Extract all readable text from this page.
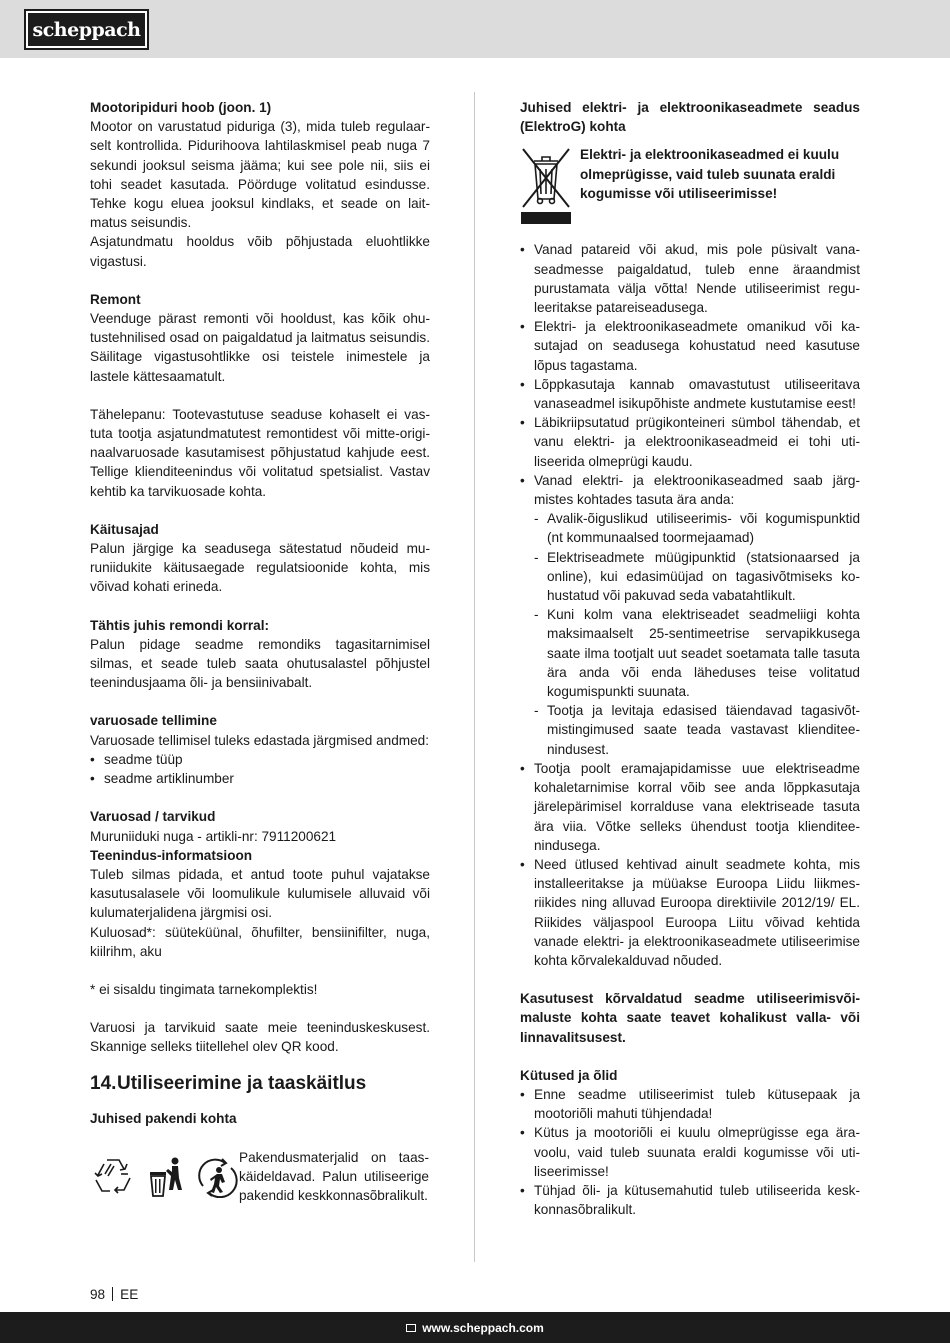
scheppach

Mootoripiduri hoob (joon. 1)

Mootor on varustatud piduriga (3), mida tuleb regulaarselt kontrollida. Pidurihoova lahtilaskmisel peab nuga 7 sekundi jooksul seisma jääma; kui see pole nii, siis ei tohi seadet kasutada. Pöörduge volitatud esindusse. Tehke kogu eluea jooksul kindlaks, et seade on laitmatus seisundis.

Asjatundmatu hooldus võib põhjustada eluohtlikke vigastusi.

Remont

Veenduge pärast remonti või hooldust, kas kõik ohutustehnilised osad on paigaldatud ja laitmatus seisundis. Säilitage vigastusohtlikke osi teistele inimestele ja lastele kättesaamatult.

Tähelepanu: Tootevastutuse seaduse kohaselt ei vastuta tootja asjatundmatutest remontidest või mitte-originaalvaruosade kasutamisest põhjustatud kahjude eest. Tellige klienditeenindus või volitatud spetsialist. Vastav kehtib ka tarvikuosade kohta.

Käitusajad

Palun järgige ka seadusega sätestatud nõudeid muruniidukite käitusaegade regulatsioonide kohta, mis võivad kohati erineda.

Tähtis juhis remondi korral:

Palun pidage seadme remondiks tagasitarnimisel silmas, et seade tuleb saata ohutusalastel põhjustel teenindusjaama õli- ja bensiinivabalt.

varuosade tellimine

Varuosade tellimisel tuleks edastada järgmised andmed:

• seadme tüüp
• seadme artiklinumber

Varuosad / tarvikud

Muruniiduki nuga - artikli-nr: 7911200621

Teenindus-informatsioon

Tuleb silmas pidada, et antud toote puhul vajatakse kasutusalasele või loomulikule kulumisele alluvaid või kulumaterjalidena järgmisi osi.

Kuluosad*: süüteküünal, õhufilter, bensiinifilter, nuga, kiilrihm, aku

* ei sisaldu tingimata tarnekomplektis!

Varuosi ja tarvikuid saate meie teeninduskeskusest. Skannige selleks tiitellehel olev QR kood.

14.Utiliseerimine ja taaskäitlus

Juhised pakendi kohta

Pakendusmaterjalid on taaskäideldavad. Palun utiliseerige pakendid keskkonnasõbralikult.

Juhised elektri- ja elektroonikaseadmete seadus (ElektroG) kohta

Elektri- ja elektroonikaseadmed ei kuulu olmeprügisse, vaid tuleb suunata eraldi kogumisse või utiliseerimisse!
• Vanad patareid või akud, mis pole püsivalt vanaseadmesse paigaldatud, tuleb enne äraandmist purustamata välja võtta! Nende utiliseerimist reguleeritakse patareiseadusega.
• Elektri- ja elektroonikaseadmete omanikud või kasutajad on seadusega kohustatud need kasutuse lõpus tagastama.
• Lõppkasutaja kannab omavastutust utiliseeritava vanaseadmel isikupõhiste andmete kustutamise eest!
• Läbikriipsutatud prügikonteineri sümbol tähendab, et vanu elektri- ja elektroonikaseadmeid ei tohi utiliseerida olmeprügi kaudu.
• Vanad elektri- ja elektroonikaseadmed saab järgmistes kohtades tasuta ära anda:
- Avalik-õiguslikud utiliseerimis- või kogumispunktid (nt kommunaalsed toormejaamad)
- Elektriseadmete müügipunktid (statsionaarsed ja online), kui edasimüüjad on tagasivõtmiseks kohustatud või pakuvad seda vabatahtlikult.
- Kuni kolm vana elektriseadet seadmeliigi kohta maksimaalselt 25-sentimeetrise servapikkusega saate ilma tootjalt uut seadet soetamata talle tasuta ära anda või enda läheduses teise volitatud kogumispunkti suunata.
- Tootja ja levitaja edasised täiendavad tagasivõtmistingimused saate teada vastavast klienditeenindusest.
• Tootja poolt eramajapidamisse uue elektriseadme kohaletarnimise korral võib see anda lõppkasutaja järelepärimisel korralduse vana elektriseade tasuta ära viia. Võtke selleks ühendust tootja klienditeenindusega.
• Need ütlused kehtivad ainult seadmete kohta, mis installeeritakse ja müüakse Euroopa Liidu liikmesriikides ning alluvad Euroopa direktiivile 2012/19/ EL. Riikides väljaspool Euroopa Liitu võivad kehtida vanade elektri- ja elektroonikaseadmete utiliseerimise kohta kõrvalekalduvad nõuded.

Kasutusest kõrvaldatud seadme utiliseerimisvõimaluste kohta saate teavet kohalikust valla- või linnavalitsusest.

Kütused ja õlid

• Enne seadme utiliseerimist tuleb kütusepaak ja mootoriõli mahuti tühjendada!
• Kütus ja mootoriõli ei kuulu olmeprügisse ega äravoolu, vaid tuleb suunata eraldi kogumisse või utiliseerimisse!
• Tühjad õli- ja kütusemahutid tuleb utiliseerida keskkonnasõbralikult.
98 EE
www.scheppach.com
